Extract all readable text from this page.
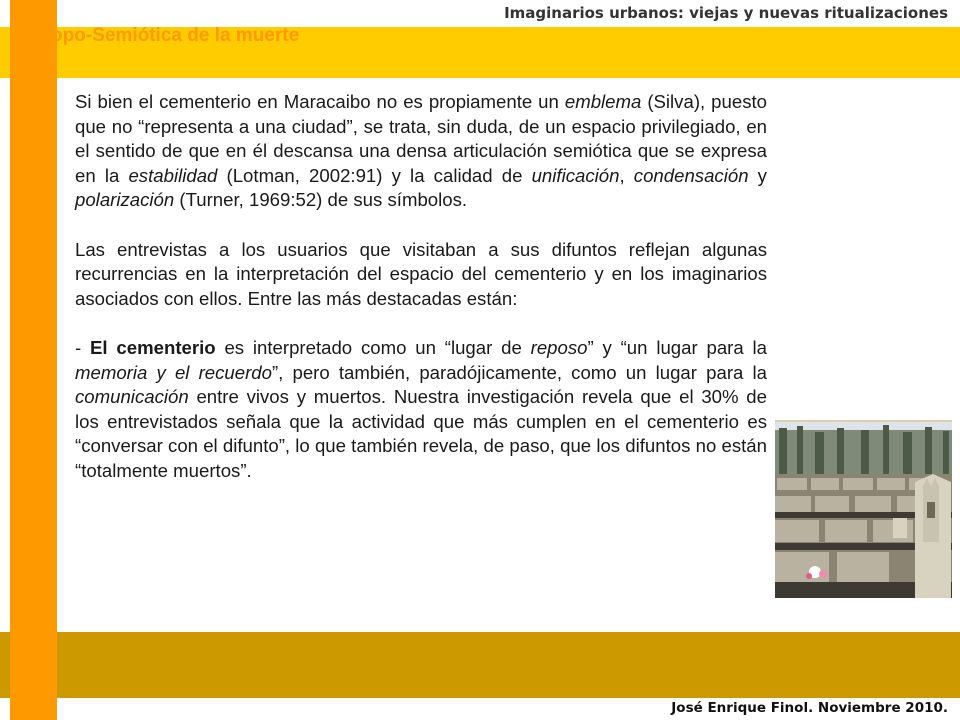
Imaginarios urbanos: viejas y nuevas ritualizaciones
Antropo-Semiótica de la muerte

Si bien el cementerio en Maracaibo no es propiamente un emblema (Silva), puesto que no “representa a una ciudad”, se trata, sin duda, de un espacio privilegiado, en el sentido de que en él descansa una densa articulación semiótica que se expresa en la estabilidad (Lotman, 2002:91) y la calidad de unificación, condensación y polarización (Turner, 1969:52) de sus símbolos.

Las entrevistas a los usuarios que visitaban a sus difuntos reflejan algunas recurrencias en la interpretación del espacio del cementerio y en los imaginarios asociados con ellos. Entre las más destacadas están:

- El cementerio es interpretado como un “lugar de reposo” y “un lugar para la memoria y el recuerdo”, pero también, paradójicamente, como un lugar para la comunicación entre vivos y muertos. Nuestra investigación revela que el 30% de los entrevistados señala que la actividad que más cumplen en el cementerio es “conversar con el difunto”, lo que también revela, de paso, que los difuntos no están “totalmente muertos”.

José Enrique Finol. Noviembre 2010.
